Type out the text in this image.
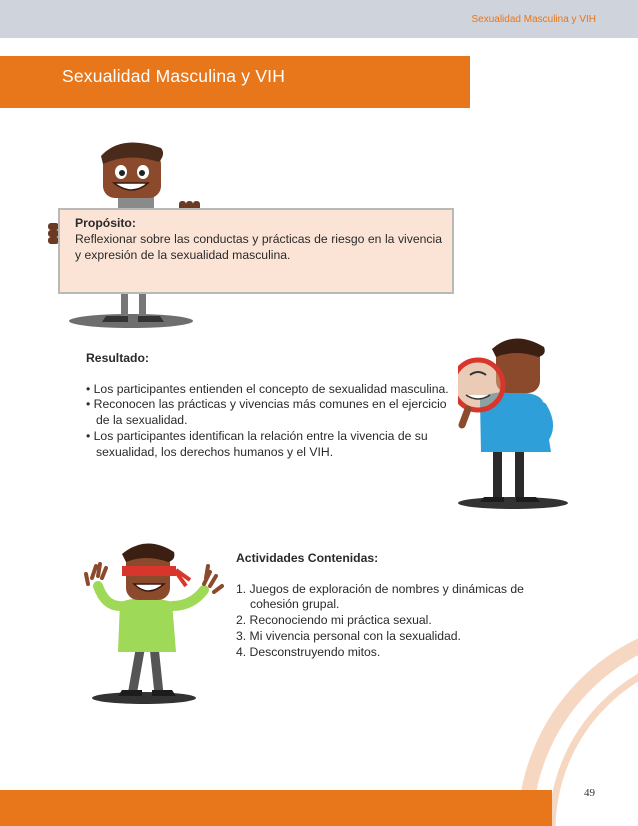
Sexualidad Masculina y VIH
Sexualidad Masculina y VIH
Propósito:
Reflexionar sobre las conductas y prácticas de riesgo en la vivencia y expresión de la sexualidad masculina.
Resultado:
• Los participantes entienden el concepto de sexualidad masculina.
• Reconocen las prácticas y vivencias más comunes en el ejercicio de la sexualidad.
• Los participantes identifican la relación entre la vivencia de su sexualidad, los derechos humanos y el VIH.
Actividades Contenidas:
1. Juegos de exploración de nombres y dinámicas de cohesión grupal.
2. Reconociendo mi práctica sexual.
3. Mi vivencia personal con la sexualidad.
4. Desconstruyendo mitos.
49
